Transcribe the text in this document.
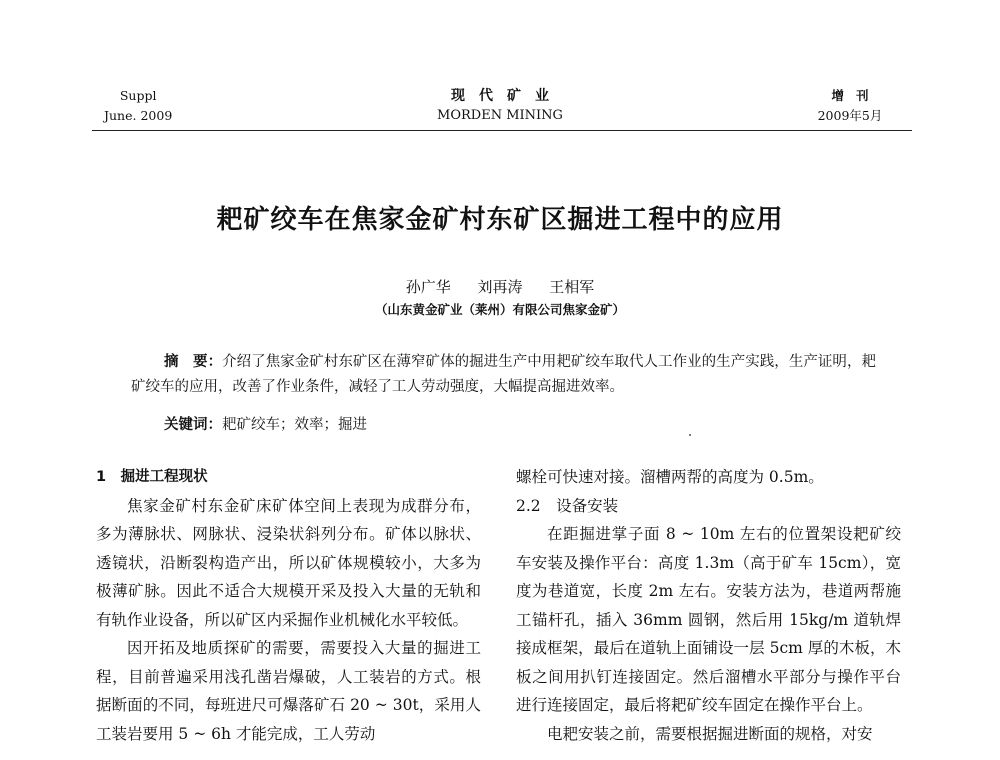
Suppl
June. 2009
现代矿业
MORDEN MINING
增刊
2009年5月
耙矿绞车在焦家金矿村东矿区掘进工程中的应用
孙广华 刘再涛 王相军
（山东黄金矿业（莱州）有限公司焦家金矿）
摘　要：介绍了焦家金矿村东矿区在薄窄矿体的掘进生产中用耙矿绞车取代人工作业的生产实践，生产证明，耙矿绞车的应用，改善了作业条件，减轻了工人劳动强度，大幅提高掘进效率。
关键词：耙矿绞车；效率；掘进
1　掘进工程现状

焦家金矿村东金矿床矿体空间上表现为成群分布，多为薄脉状、网脉状、浸染状斜列分布。矿体以脉状、透镜状，沿断裂构造产出，所以矿体规模较小，大多为极薄矿脉。因此不适合大规模开采及投入大量的无轨和有轨作业设备，所以矿区内采掘作业机械化水平较低。

因开拓及地质探矿的需要，需要投入大量的掘进工程，目前普遍采用浅孔凿岩爆破，人工装岩的方式。根据断面的不同，每班进尺可爆落矿石 20 ~ 30t，采用人工装岩要用 5 ~ 6h 才能完成，工人劳动

螺栓可快速对接。溜槽两帮的高度为 0.5m。

2.2　设备安装

在距掘进掌子面 8 ~ 10m 左右的位置架设耙矿绞车安装及操作平台：高度 1.3m（高于矿车 15cm），宽度为巷道宽，长度 2m 左右。安装方法为，巷道两帮施工锚杆孔，插入 36mm 圆钢，然后用 15kg/m 道轨焊接成框架，最后在道轨上面铺设一层 5cm 厚的木板，木板之间用扒钉连接固定。然后溜槽水平部分与操作平台进行连接固定，最后将耙矿绞车固定在操作平台上。

电耙安装之前，需要根据掘进断面的规格，对安
